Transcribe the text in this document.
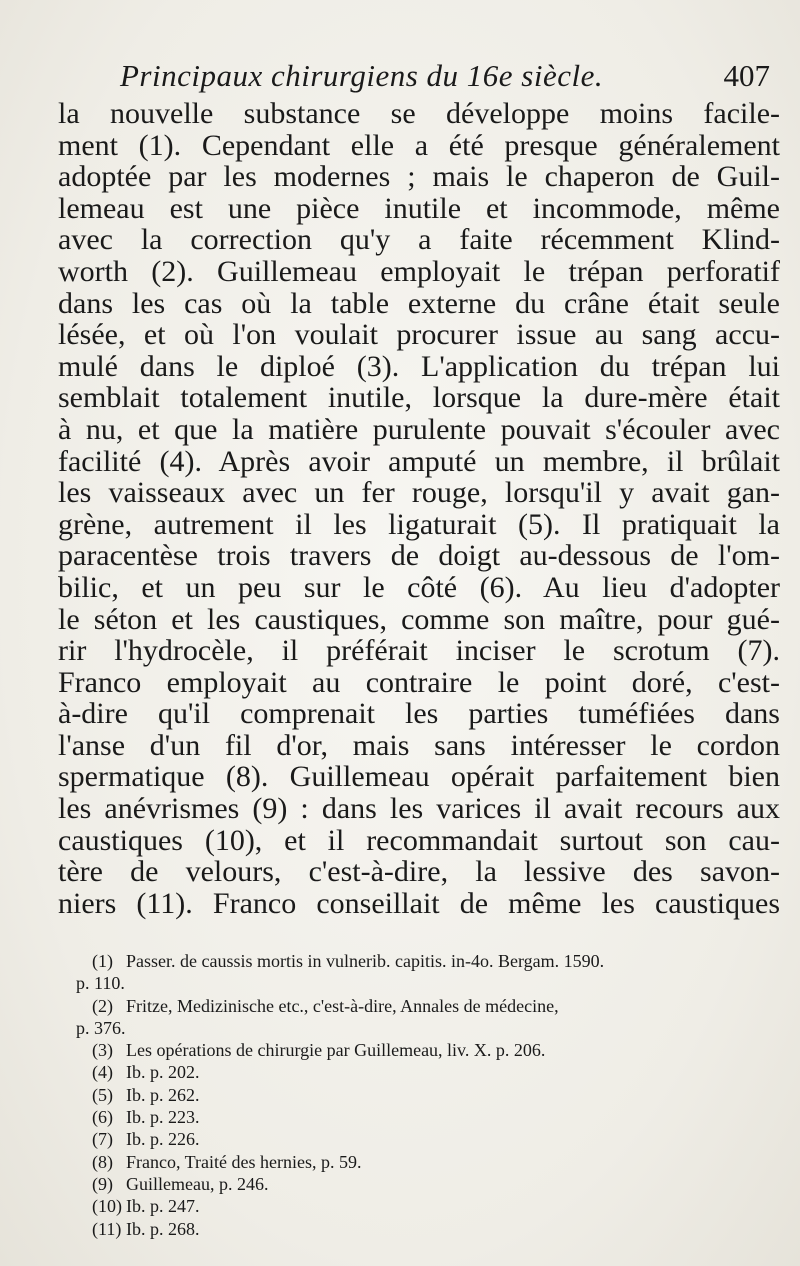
Principaux chirurgiens du 16e siècle.	407
la nouvelle substance se développe moins facile-
ment (1). Cependant elle a été presque généralement
adoptée par les modernes ; mais le chaperon de Guil-
lemeau est une pièce inutile et incommode, même
avec la correction qu'y a faite récemment Klind-
worth (2). Guillemeau employait le trépan perforatif
dans les cas où la table externe du crâne était seule
lésée, et où l'on voulait procurer issue au sang accu-
mulé dans le diploé (3). L'application du trépan lui
semblait totalement inutile, lorsque la dure-mère était
à nu, et que la matière purulente pouvait s'écouler avec
facilité (4). Après avoir amputé un membre, il brûlait
les vaisseaux avec un fer rouge, lorsqu'il y avait gan-
grène, autrement il les ligaturait (5). Il pratiquait la
paracentèse trois travers de doigt au-dessous de l'om-
bilic, et un peu sur le côté (6). Au lieu d'adopter
le séton et les caustiques, comme son maître, pour gué-
rir l'hydrocèle, il préférait inciser le scrotum (7).
Franco employait au contraire le point doré, c'est-
à-dire qu'il comprenait les parties tuméfiées dans
l'anse d'un fil d'or, mais sans intéresser le cordon
spermatique (8). Guillemeau opérait parfaitement bien
les anévrismes (9) : dans les varices il avait recours aux
caustiques (10), et il recommandait surtout son cau-
tère de velours, c'est-à-dire, la lessive des savon-
niers (11). Franco conseillait de même les caustiques
(1) Passer. de caussis mortis in vulnerib. capitis. in-4o. Bergam. 1590.
p. 110.
(2) Fritze, Medizinische etc., c'est-à-dire, Annales de médecine,
p. 376.
(3) Les opérations de chirurgie par Guillemeau, liv. X. p. 206.
(4) Ib. p. 202.
(5) Ib. p. 262.
(6) Ib. p. 223.
(7) Ib. p. 226.
(8) Franco, Traité des hernies, p. 59.
(9) Guillemeau, p. 246.
(10) Ib. p. 247.
(11) Ib. p. 268.
